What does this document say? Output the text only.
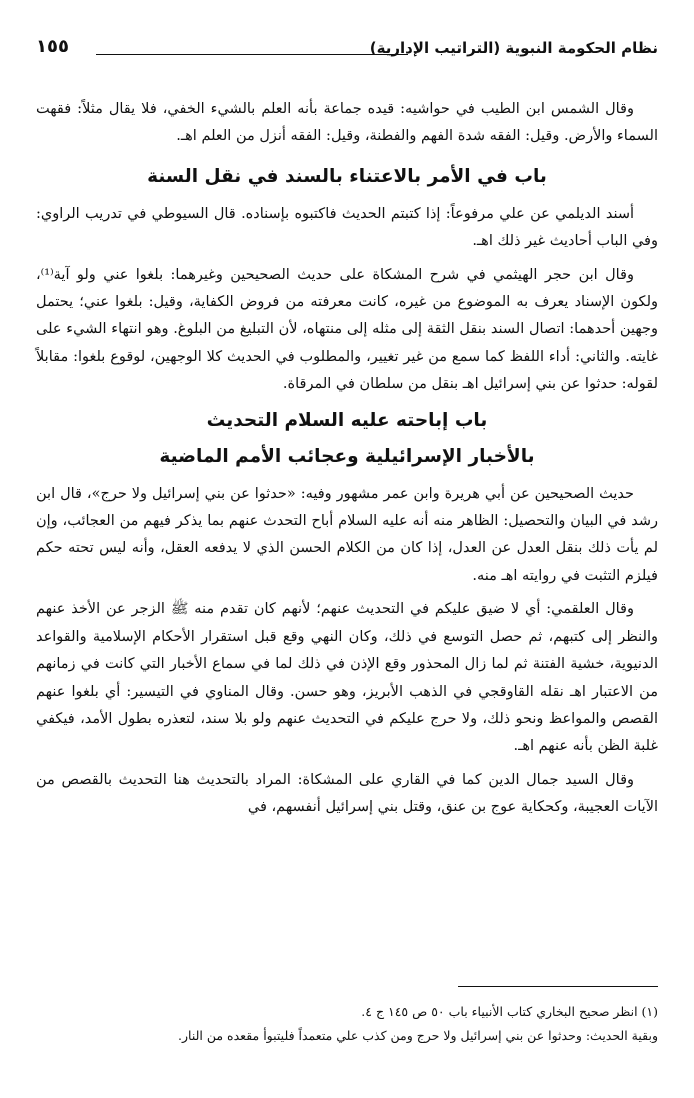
نظام الحكومة النبوية (التراتيب الإدارية)
١٥٥

وقال الشمس ابن الطيب في حواشيه: قيده جماعة بأنه العلم بالشيء الخفي، فلا يقال مثلاً: فقهت السماء والأرض. وقيل: الفقه شدة الفهم والفطنة، وقيل: الفقه أنزل من العلم اهـ.

باب في الأمر بالاعتناء بالسند في نقل السنة

أسند الديلمي عن علي مرفوعاً: إذا كتبتم الحديث فاكتبوه بإسناده. قال السيوطي في تدريب الراوي: وفي الباب أحاديث غير ذلك اهـ.

وقال ابن حجر الهيثمي في شرح المشكاة على حديث الصحيحين وغيرهما: بلغوا عني ولو آية⁽¹⁾، ولكون الإسناد يعرف به الموضوع من غيره، كانت معرفته من فروض الكفاية، وقيل: بلغوا عني؛ يحتمل وجهين أحدهما: اتصال السند بنقل الثقة إلى مثله إلى منتهاه، لأن التبليغ من البلوغ. وهو انتهاء الشيء على غايته. والثاني: أداء اللفظ كما سمع من غير تغيير، والمطلوب في الحديث كلا الوجهين، لوقوع بلغوا: مقابلاً لقوله: حدثوا عن بني إسرائيل اهـ بنقل من سلطان في المرقاة.

باب إباحته عليه السلام التحديث
بالأخبار الإسرائيلية وعجائب الأمم الماضية

حديث الصحيحين عن أبي هريرة وابن عمر مشهور وفيه: «حدثوا عن بني إسرائيل ولا حرج»، قال ابن رشد في البيان والتحصيل: الظاهر منه أنه عليه السلام أباح التحدث عنهم بما يذكر فيهم من العجائب، وإن لم يأت ذلك بنقل العدل عن العدل، إذا كان من الكلام الحسن الذي لا يدفعه العقل، وأنه ليس تحته حكم فيلزم التثبت في روايته اهـ منه.

وقال العلقمي: أي لا ضيق عليكم في التحديث عنهم؛ لأنهم كان تقدم منه ﷺ الزجر عن الأخذ عنهم والنظر إلى كتبهم، ثم حصل التوسع في ذلك، وكان النهي وقع قبل استقرار الأحكام الإسلامية والقواعد الدنيوية، خشية الفتنة ثم لما زال المحذور وقع الإذن في ذلك لما في سماع الأخبار التي كانت في زمانهم من الاعتبار اهـ نقله القاوقجي في الذهب الأبريز، وهو حسن. وقال المناوي في التيسير: أي بلغوا عنهم القصص والمواعظ ونحو ذلك، ولا حرج عليكم في التحديث عنهم ولو بلا سند، لتعذره بطول الأمد، فيكفي غلبة الظن بأنه عنهم اهـ.

وقال السيد جمال الدين كما في القاري على المشكاة: المراد بالتحديث هنا التحديث بالقصص من الآيات العجيبة، وكحكاية عوج بن عنق، وقتل بني إسرائيل أنفسهم، في

(١) انظر صحيح البخاري كتاب الأنبياء باب ٥٠ ص ١٤٥ ج ٤.
وبقية الحديث: وحدثوا عن بني إسرائيل ولا حرج ومن كذب علي متعمداً فليتبوأ مقعده من النار.
